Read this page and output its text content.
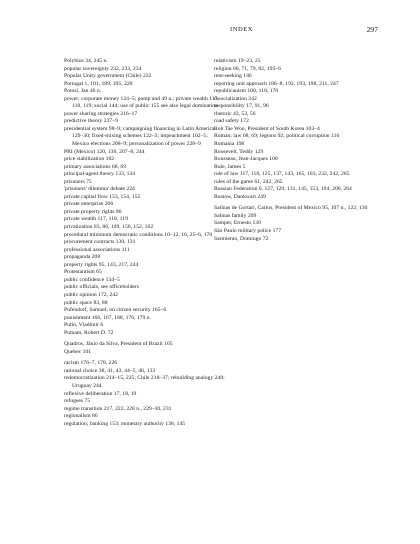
INDEX	297
Polybius 34, 245 n.
popular sovereignty 232, 233, 234
Popular Unity government (Chile) 232
Portugal 1, 101, 189, 195, 220
Potosí, Jan 46 n.
power; corporate money 124–5; pomp and 49 n.; private wealth 117, 118, 119; social 144; use of public 155 see also legal domination
power sharing strategies 216–17
predictive theory 237–9
presidential system 98–9; campaigning financing in Latin America 129–30; fixed-mixing schemes 122–3; impeachment 102–5; Mexico elections 208–9; personalization of power 228–9
PRI (Mexico) 120, 130, 207–8, 244
price stabilization 162
primary associations 68, 69
principal-agent theory 133, 134
prisoners 75
'prisoners' dilemma' debate 224
private capital flow 153, 154, 155
private enterprise 206
private property rights 86
private wealth 117, 118, 119
privatization 83, 86, 109, 150, 152, 162
procedural minimum democratic conditions 10–12, 16, 25–6, 170
procurement contracts 130, 131
professional associations 111
propaganda 208
property rights 95, 143, 217, 244
Protestantism 65
public confidence 134–5
public officials, see officeholders
public opinion 172, 242
public space 83, 88
Pufendorf, Samuel; on citizen security 165–6
punishment 166, 167, 168, 176, 179 n.
Putin, Vladimir 6
Putnam, Robert D. 72
Quadros, Jânio da Silva, President of Brazil 105
Quebec 101
racism 176–7, 178, 226
rational choice 38, 41, 43, 44–5, 46, 133
redemocratization 214–15, 225; Chile 218–37; rebuilding analogy 240; Uruguay 244
reflexive deliberation 17, 18, 19
refugees 75
regime transition 217, 222, 228 n., 229–30, 231
regionalism 86
regulation; banking 153; monetary authority 138, 145
relativism 19–23, 25
religion 66, 71, 79, 82, 195–6
rent-seeking 146
reporting unit approach 186–8, 192, 193, 198, 211, 247
republicanism 100, 118, 170
resocialization 242
responsibility 17, 91, 96
rhetoric 43, 53, 56
road safety 172
Roh Tae Woo, President of South Korea 103–4
Roman; law 68, 69; legions 92; political corruption 116
Romania 198
Roosevelt, Teddy 129
Rousseau, Jean-Jacques 100
Rule, James 5
rule of law 117, 118, 125, 137, 143, 165, 183, 232, 242, 265
rules of the game 61, 242, 265
Russian Federation 6, 127, 129, 131, 145, 153, 194, 200, 264
Rustow, Dankwart 249
Salinas de Gortari, Carlos, President of Mexico 95, 107 n., 122, 130
Salinas family 209
Samper, Ernesto 130
São Paulo military police 177
Sarmiento, Domingo 72
